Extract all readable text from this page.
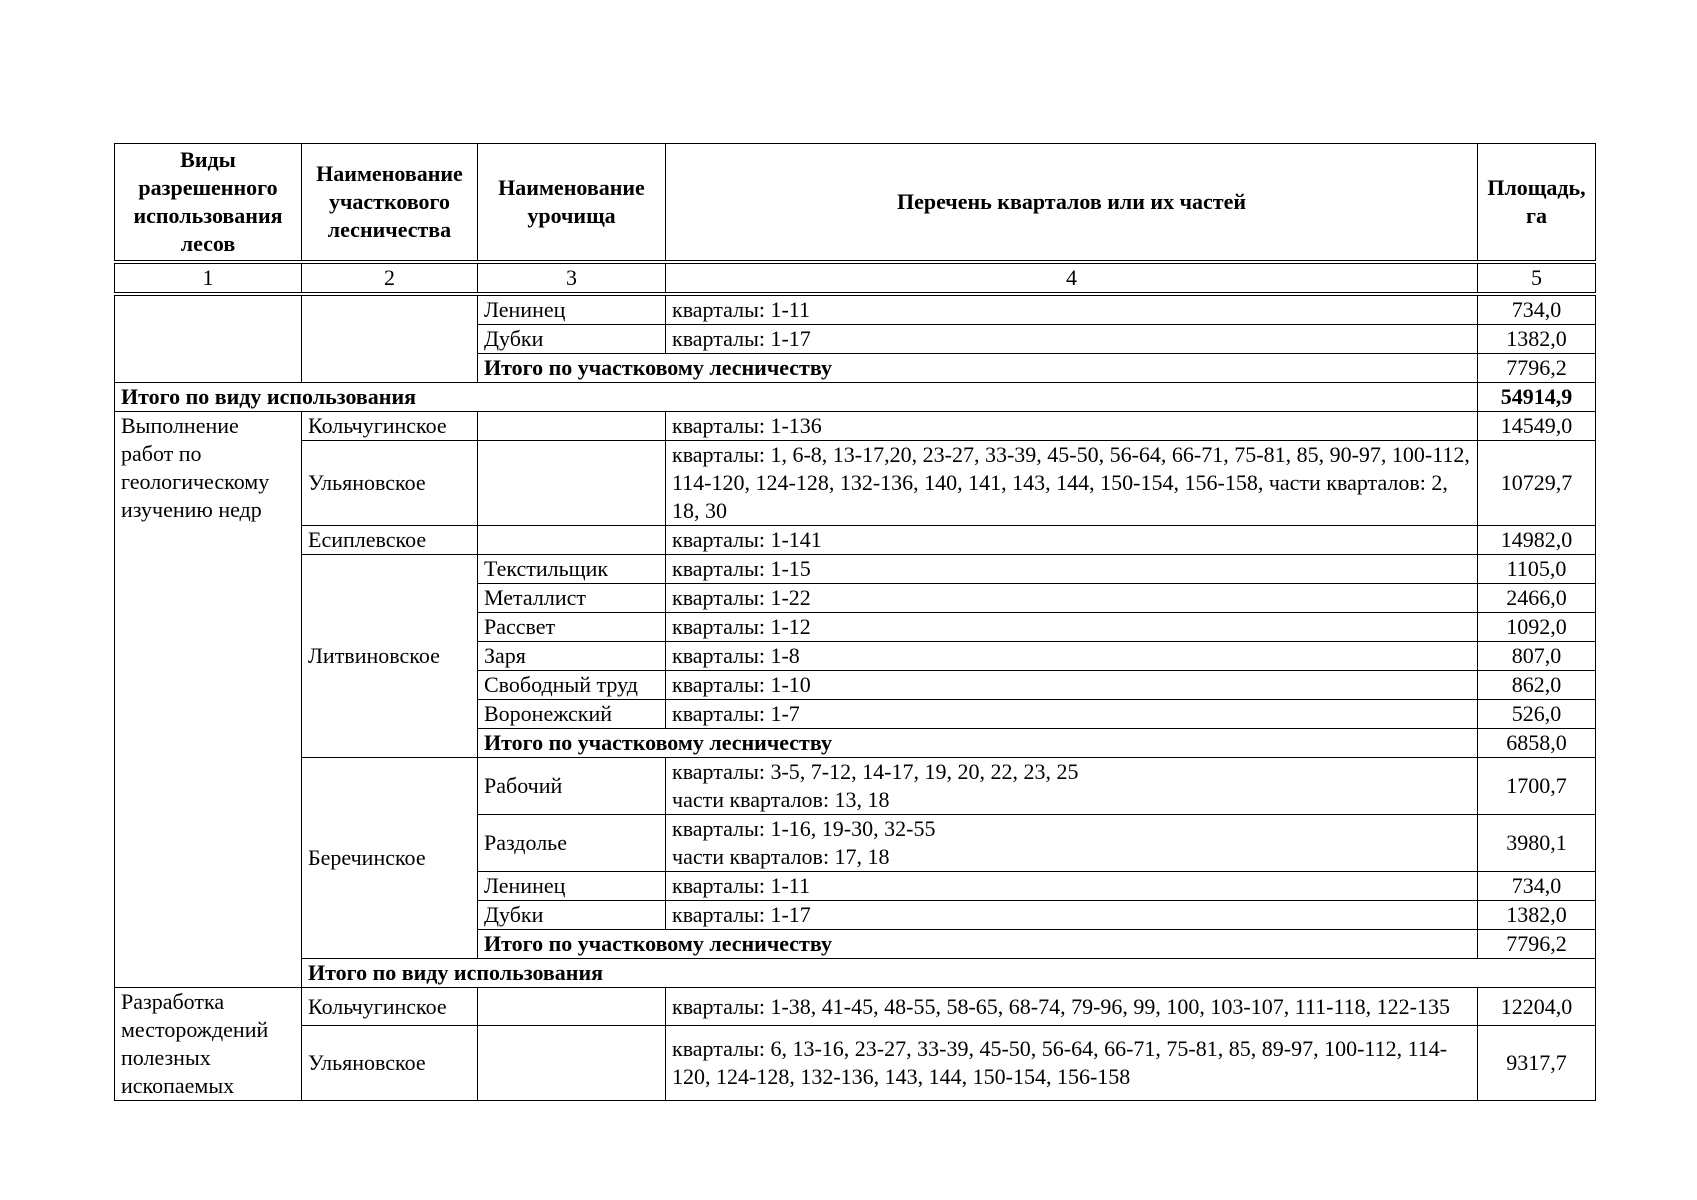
Виды разрешенного использования лесов	Наименование участкового лесничества	Наименование урочища	Перечень кварталов или их частей	Площадь, га	
1	2	3	4	5	
		Ленинец	кварталы: 1-11	734,0	
		Дубки	кварталы: 1-17	1382,0	
		Итого по участковому лесничеству		7796,2	
Итого по виду использования				54914,9	
Выполнение работ по геологическому изучению недр	Кольчугинское		кварталы: 1-136	14549,0	
	Ульяновское		кварталы: 1, 6-8, 13-17,20, 23-27, 33-39, 45-50, 56-64, 66-71, 75-81, 85, 90-97, 100-112, 114-120, 124-128, 132-136, 140, 141, 143, 144, 150-154, 156-158, части кварталов: 2, 18, 30	10729,7	
	Есиплевское		кварталы: 1-141	14982,0	
	Литвиновское	Текстильщик	кварталы: 1-15	1105,0	
		Металлист	кварталы: 1-22	2466,0	
		Рассвет	кварталы: 1-12	1092,0	
		Заря	кварталы: 1-8	807,0	
		Свободный труд	кварталы: 1-10	862,0	
		Воронежский	кварталы: 1-7	526,0	
		Итого по участковому лесничеству		6858,0	
	Беречинское	Рабочий	кварталы: 3-5, 7-12, 14-17, 19, 20, 22, 23, 25
части кварталов: 13, 18	1700,7	
		Раздолье	кварталы: 1-16, 19-30, 32-55
части кварталов: 17, 18	3980,1	
		Ленинец	кварталы: 1-11	734,0	
		Дубки	кварталы: 1-17	1382,0	
		Итого по участковому лесничеству		7796,2	
	Итого по виду использования	
Разработка месторождений полезных ископаемых	Кольчугинское		кварталы: 1-38, 41-45, 48-55, 58-65, 68-74, 79-96, 99, 100, 103-107, 111-118, 122-135	12204,0	
	Ульяновское		кварталы: 6, 13-16, 23-27, 33-39, 45-50, 56-64, 66-71, 75-81, 85, 89-97, 100-112, 114-120, 124-128, 132-136, 143, 144, 150-154, 156-158	9317,7	
